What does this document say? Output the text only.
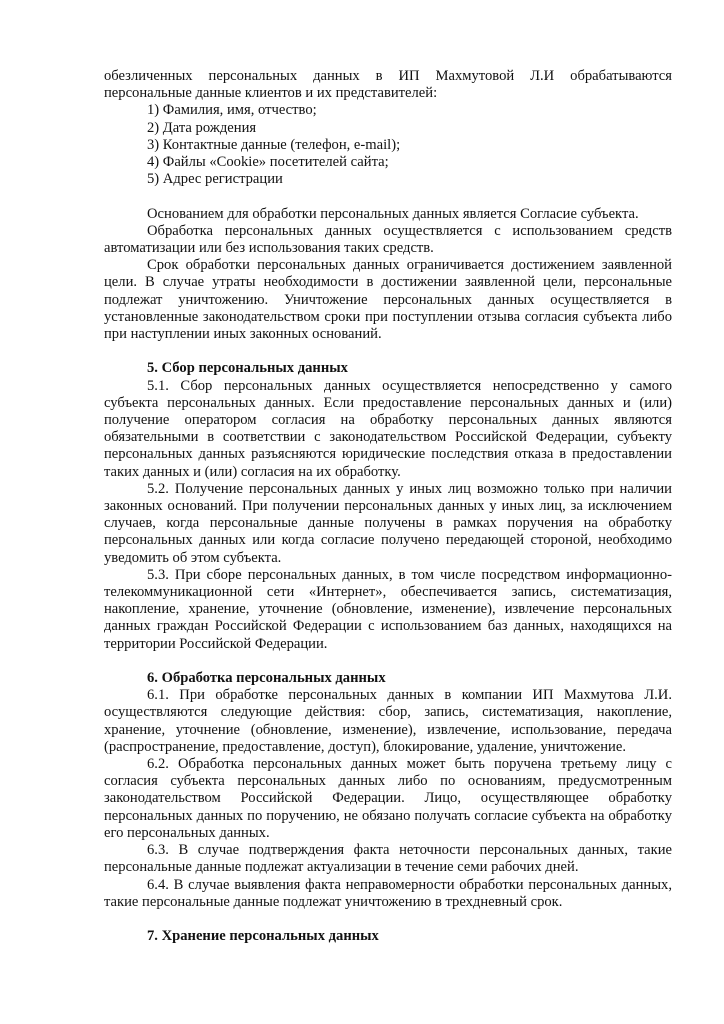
обезличенных персональных данных в ИП Махмутовой Л.И обрабатываются персональные данные клиентов и их представителей:

1) Фамилия, имя, отчество;
2) Дата рождения
3) Контактные данные (телефон, e-mail);
4) Файлы «Cookie» посетителей сайта;
5) Адрес регистрации

Основанием для обработки персональных данных является Согласие субъекта.

Обработка персональных данных осуществляется с использованием средств автоматизации или без использования таких средств.

Срок обработки персональных данных ограничивается достижением заявленной цели. В случае утраты необходимости в достижении заявленной цели, персональные подлежат уничтожению. Уничтожение персональных данных осуществляется в установленные законодательством сроки при поступлении отзыва согласия субъекта либо при наступлении иных законных оснований.

5. Сбор персональных данных

5.1. Сбор персональных данных осуществляется непосредственно у самого субъекта персональных данных. Если предоставление персональных данных и (или) получение оператором согласия на обработку персональных данных являются обязательными в соответствии с законодательством Российской Федерации, субъекту персональных данных разъясняются юридические последствия отказа в предоставлении таких данных и (или) согласия на их обработку.

5.2. Получение персональных данных у иных лиц возможно только при наличии законных оснований. При получении персональных данных у иных лиц, за исключением случаев, когда персональные данные получены в рамках поручения на обработку персональных данных или когда согласие получено передающей стороной, необходимо уведомить об этом субъекта.

5.3. При сборе персональных данных, в том числе посредством информационно-телекоммуникационной сети «Интернет», обеспечивается запись, систематизация, накопление, хранение, уточнение (обновление, изменение), извлечение персональных данных граждан Российской Федерации с использованием баз данных, находящихся на территории Российской Федерации.

6. Обработка персональных данных

6.1. При обработке персональных данных в компании ИП Махмутова Л.И. осуществляются следующие действия: сбор, запись, систематизация, накопление, хранение, уточнение (обновление, изменение), извлечение, использование, передача (распространение, предоставление, доступ), блокирование, удаление, уничтожение.

6.2. Обработка персональных данных может быть поручена третьему лицу с согласия субъекта персональных данных либо по основаниям, предусмотренным законодательством Российской Федерации. Лицо, осуществляющее обработку персональных данных по поручению, не обязано получать согласие субъекта на обработку его персональных данных.

6.3. В случае подтверждения факта неточности персональных данных, такие персональные данные подлежат актуализации в течение семи рабочих дней.

6.4. В случае выявления факта неправомерности обработки персональных данных, такие персональные данные подлежат уничтожению в трехдневный срок.

7. Хранение персональных данных
